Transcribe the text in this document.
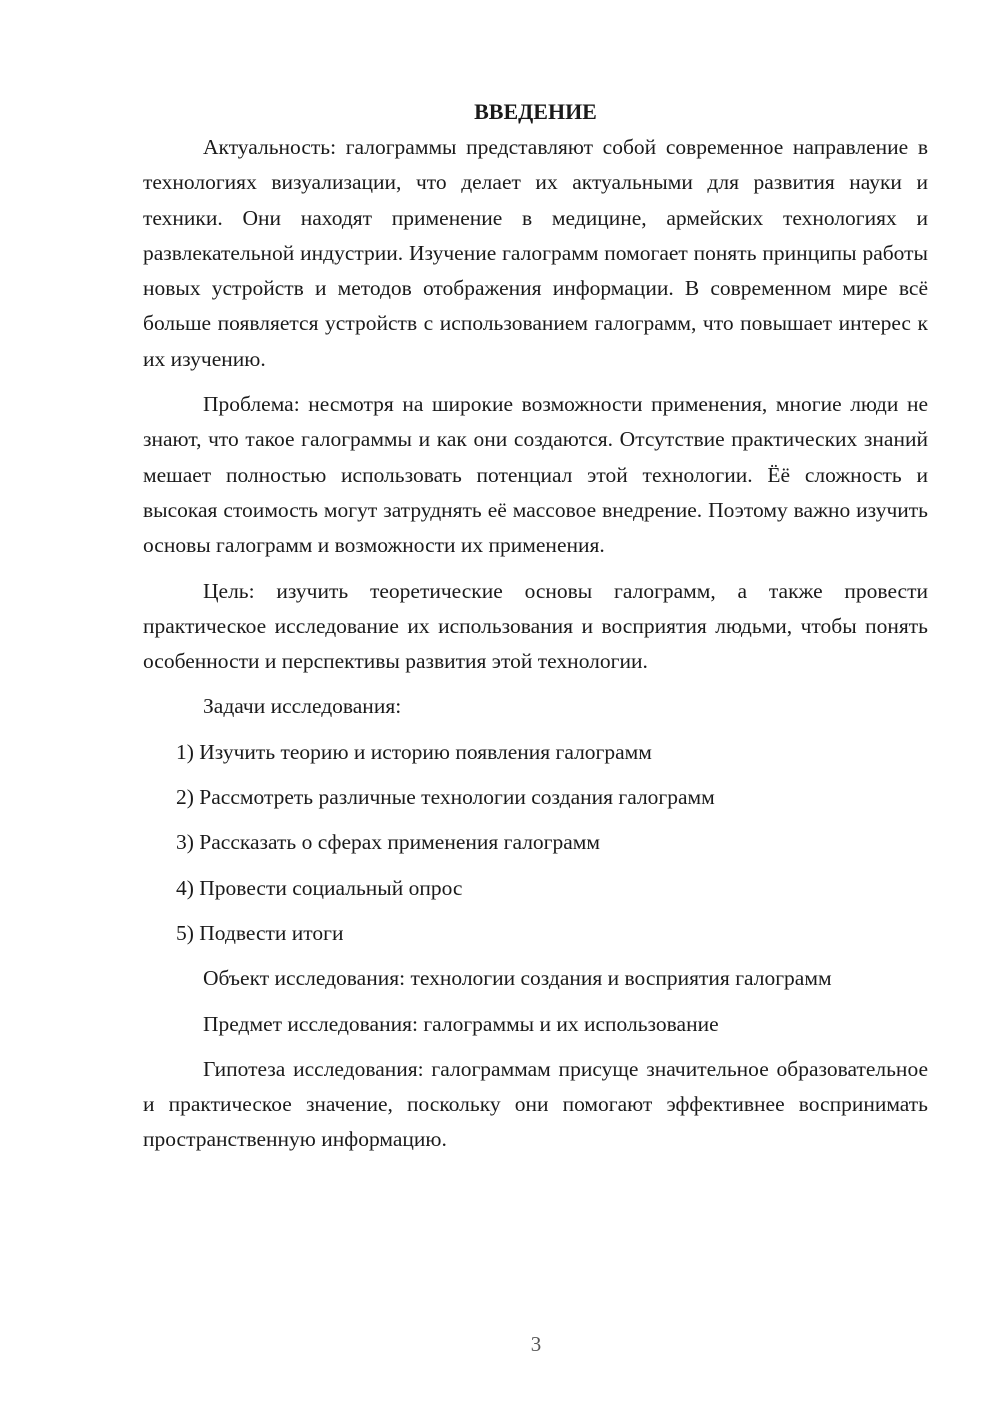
ВВЕДЕНИЕ

Актуальность: галограммы представляют собой современное направление в технологиях визуализации, что делает их актуальными для развития науки и техники. Они находят применение в медицине, армейских технологиях и развлекательной индустрии. Изучение галограмм помогает понять принципы работы новых устройств и методов отображения информации. В современном мире всё больше появляется устройств с использованием галограмм, что повышает интерес к их изучению.

Проблема: несмотря на широкие возможности применения, многие люди не знают, что такое галограммы и как они создаются. Отсутствие практических знаний мешает полностью использовать потенциал этой технологии. Ёё сложность и высокая стоимость могут затруднять её массовое внедрение. Поэтому важно изучить основы галограмм и возможности их применения.

Цель: изучить теоретические основы галограмм, а также провести практическое исследование их использования и восприятия людьми, чтобы понять особенности и перспективы развития этой технологии.

Задачи исследования:

1) Изучить теорию и историю появления галограмм

2) Рассмотреть различные технологии создания галограмм

3) Рассказать о сферах применения галограмм

4) Провести социальный опрос

5) Подвести итоги

Объект исследования: технологии создания и восприятия галограмм

Предмет исследования: галограммы и их использование

Гипотеза исследования: галограммам присуще значительное образовательное и практическое значение, поскольку они помогают эффективнее воспринимать пространственную информацию.

3
